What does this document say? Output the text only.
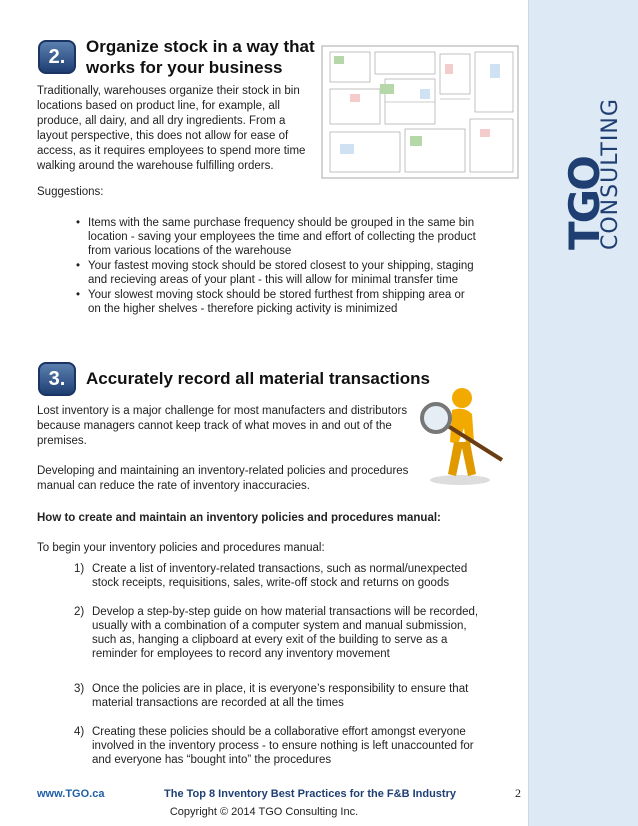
TGO
CONSULTING
2.	Organize stock in a way that
works for your business
Traditionally, warehouses organize their stock in bin
locations based on product line, for example, all
produce, all dairy, and all dry ingredients. From a
layout perspective, this does not allow for ease of
access, as it requires employees to spend more time
walking around the warehouse fulfilling orders.
Suggestions:
• Items with the same purchase frequency should be grouped in the same bin
location - saving your employees the time and effort of collecting the product
from various locations of the warehouse
• Your fastest moving stock should be stored closest to your shipping, staging
and recieving areas of your plant - this will allow for minimal transfer time
• Your slowest moving stock should be stored furthest from shipping area or
on the higher shelves - therefore picking activity is minimized
3.	Accurately record all material transactions
Lost inventory is a major challenge for most manufacters and distributors
because managers cannot keep track of what moves in and out of the
premises.
Developing and maintaining an inventory-related policies and procedures
manual can reduce the rate of inventory inaccuracies.
How to create and maintain an inventory policies and procedures manual:
To begin your inventory policies and procedures manual:
1) Create a list of inventory-related transactions, such as normal/unexpected
stock receipts, requisitions, sales, write-off stock and returns on goods
2) Develop a step-by-step guide on how material transactions will be recorded,
usually with a combination of a computer system and manual submission,
such as, hanging a clipboard at every exit of the building to serve as a
reminder for employees to record any inventory movement
3) Once the policies are in place, it is everyone’s responsibility to ensure that
material transactions are recorded at all the times
4) Creating these policies should be a collaborative effort amongst everyone
involved in the inventory process - to ensure nothing is left unaccounted for
and everyone has “bought into” the procedures
www.TGO.ca	The Top 8 Inventory Best Practices for the F&B Industry	2
Copyright © 2014 TGO Consulting Inc.
